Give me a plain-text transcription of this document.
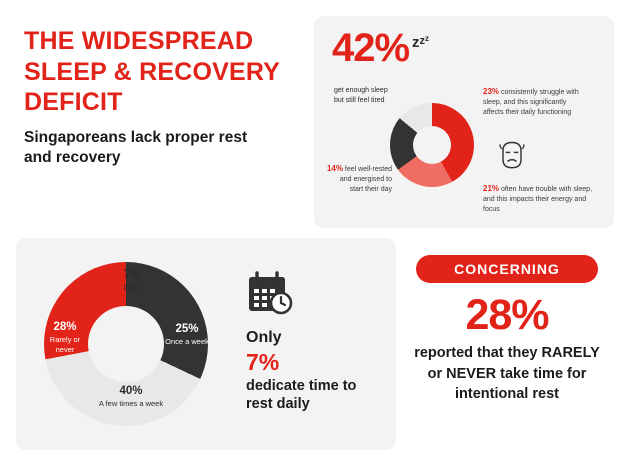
THE WIDESPREAD SLEEP & RECOVERY DEFICIT
Singaporeans lack proper rest and recovery
42% $z^{zz}$
get enough sleep but still feel tired
23% consistently struggle with sleep, and this significantly affects their daily functioning
14% feel well-rested and energised to start their day	21% often have trouble with sleep, and this impacts their energy and focus
7%
Daily
25%
Once a week
40%
A few times a week
28%
Rarely or never
Only
7%
dedicate time to rest daily
CONCERNING
28%
reported that they RARELY or NEVER take time for intentional rest
